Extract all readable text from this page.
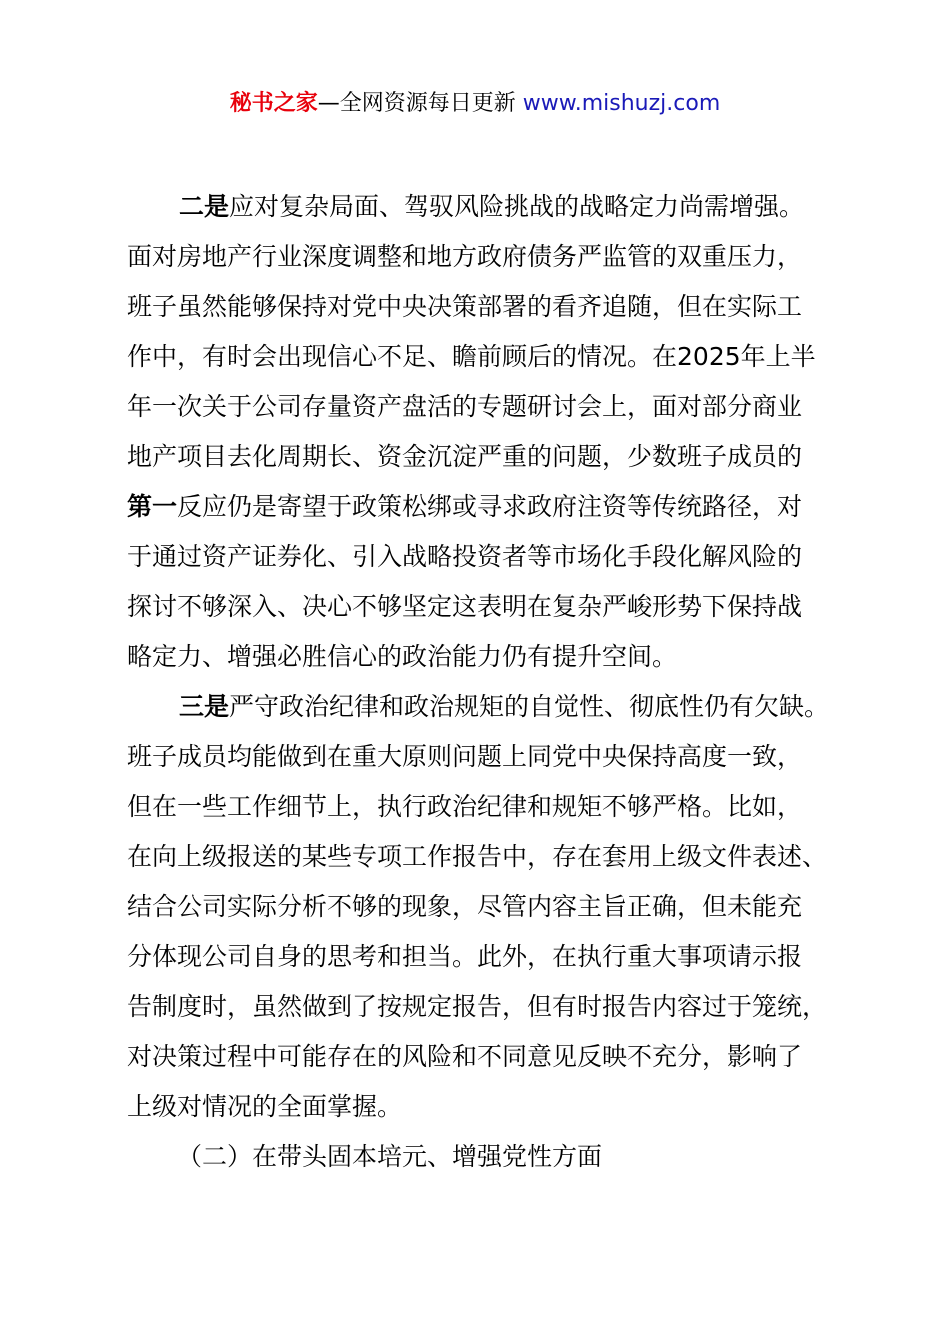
秘书之家—全网资源每日更新 www.mishuzj.com
二是应对复杂局面、驾驭风险挑战的战略定力尚需增强。
面对房地产行业深度调整和地方政府债务严监管的双重压力，
班子虽然能够保持对党中央决策部署的看齐追随，但在实际工
作中，有时会出现信心不足、瞻前顾后的情况。在2025年上半
年一次关于公司存量资产盘活的专题研讨会上，面对部分商业
地产项目去化周期长、资金沉淀严重的问题，少数班子成员的
第一反应仍是寄望于政策松绑或寻求政府注资等传统路径，对
于通过资产证券化、引入战略投资者等市场化手段化解风险的
探讨不够深入、决心不够坚定这表明在复杂严峻形势下保持战
略定力、增强必胜信心的政治能力仍有提升空间。
三是严守政治纪律和政治规矩的自觉性、彻底性仍有欠缺。
班子成员均能做到在重大原则问题上同党中央保持高度一致，
但在一些工作细节上，执行政治纪律和规矩不够严格。比如，
在向上级报送的某些专项工作报告中，存在套用上级文件表述、
结合公司实际分析不够的现象，尽管内容主旨正确，但未能充
分体现公司自身的思考和担当。此外，在执行重大事项请示报
告制度时，虽然做到了按规定报告，但有时报告内容过于笼统，
对决策过程中可能存在的风险和不同意见反映不充分，影响了
上级对情况的全面掌握。
（二）在带头固本培元、增强党性方面
